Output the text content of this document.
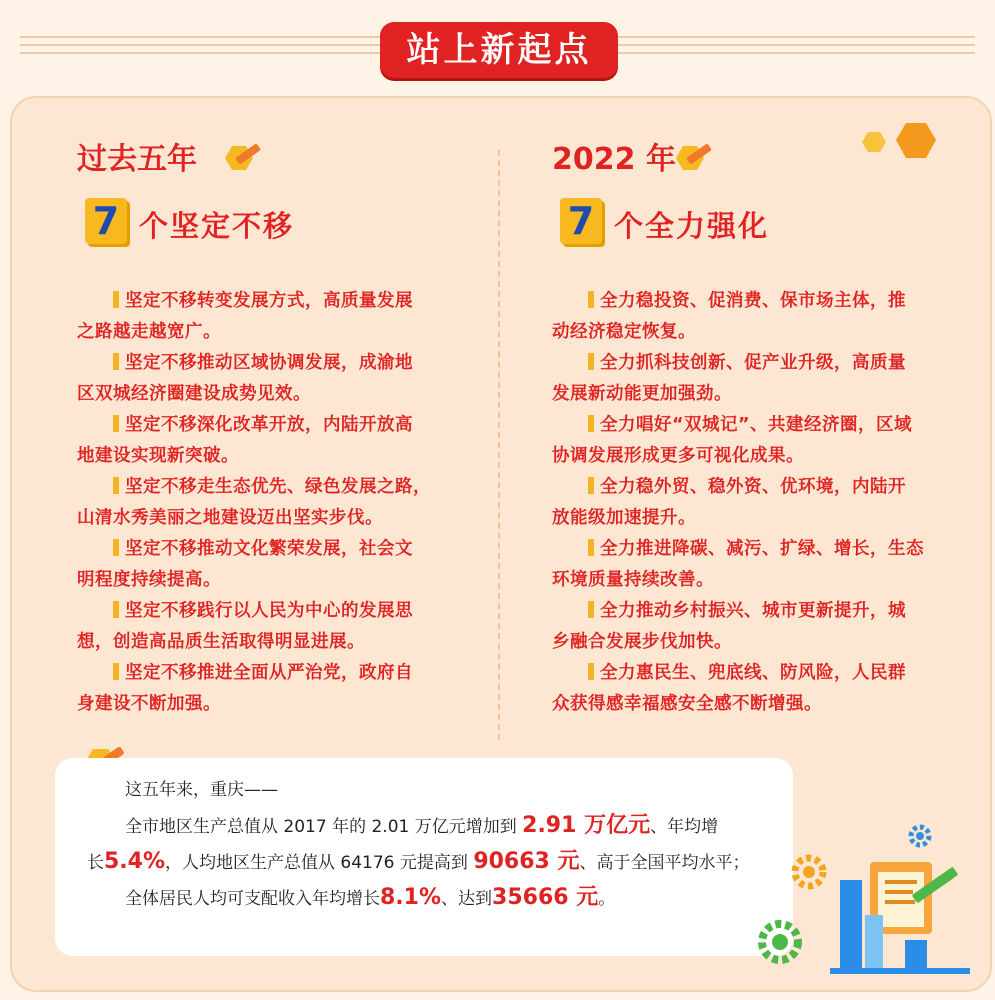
站上新起点
过去五年
7 个坚定不移

坚定不移转变发展方式，高质量发展
之路越走越宽广。

坚定不移推动区域协调发展，成渝地
区双城经济圈建设成势见效。

坚定不移深化改革开放，内陆开放高
地建设实现新突破。

坚定不移走生态优先、绿色发展之路，
山清水秀美丽之地建设迈出坚实步伐。

坚定不移推动文化繁荣发展，社会文
明程度持续提高。

坚定不移践行以人民为中心的发展思
想，创造高品质生活取得明显进展。

坚定不移推进全面从严治党，政府自
身建设不断加强。

2022 年
7 个全力强化

全力稳投资、促消费、保市场主体，推
动经济稳定恢复。

全力抓科技创新、促产业升级，高质量
发展新动能更加强劲。

全力唱好“双城记”、共建经济圈，区域
协调发展形成更多可视化成果。

全力稳外贸、稳外资、优环境，内陆开
放能级加速提升。

全力推进降碳、减污、扩绿、增长，生态
环境质量持续改善。

全力推动乡村振兴、城市更新提升，城
乡融合发展步伐加快。

全力惠民生、兜底线、防风险，人民群
众获得感幸福感安全感不断增强。

这五年来，重庆——

全市地区生产总值从 2017 年的 2.01 万亿元增加到 2.91 万亿元、年均增

长5.4%，人均地区生产总值从 64176 元提高到 90663 元、高于全国平均水平；

全体居民人均可支配收入年均增长8.1%、达到35666 元。
